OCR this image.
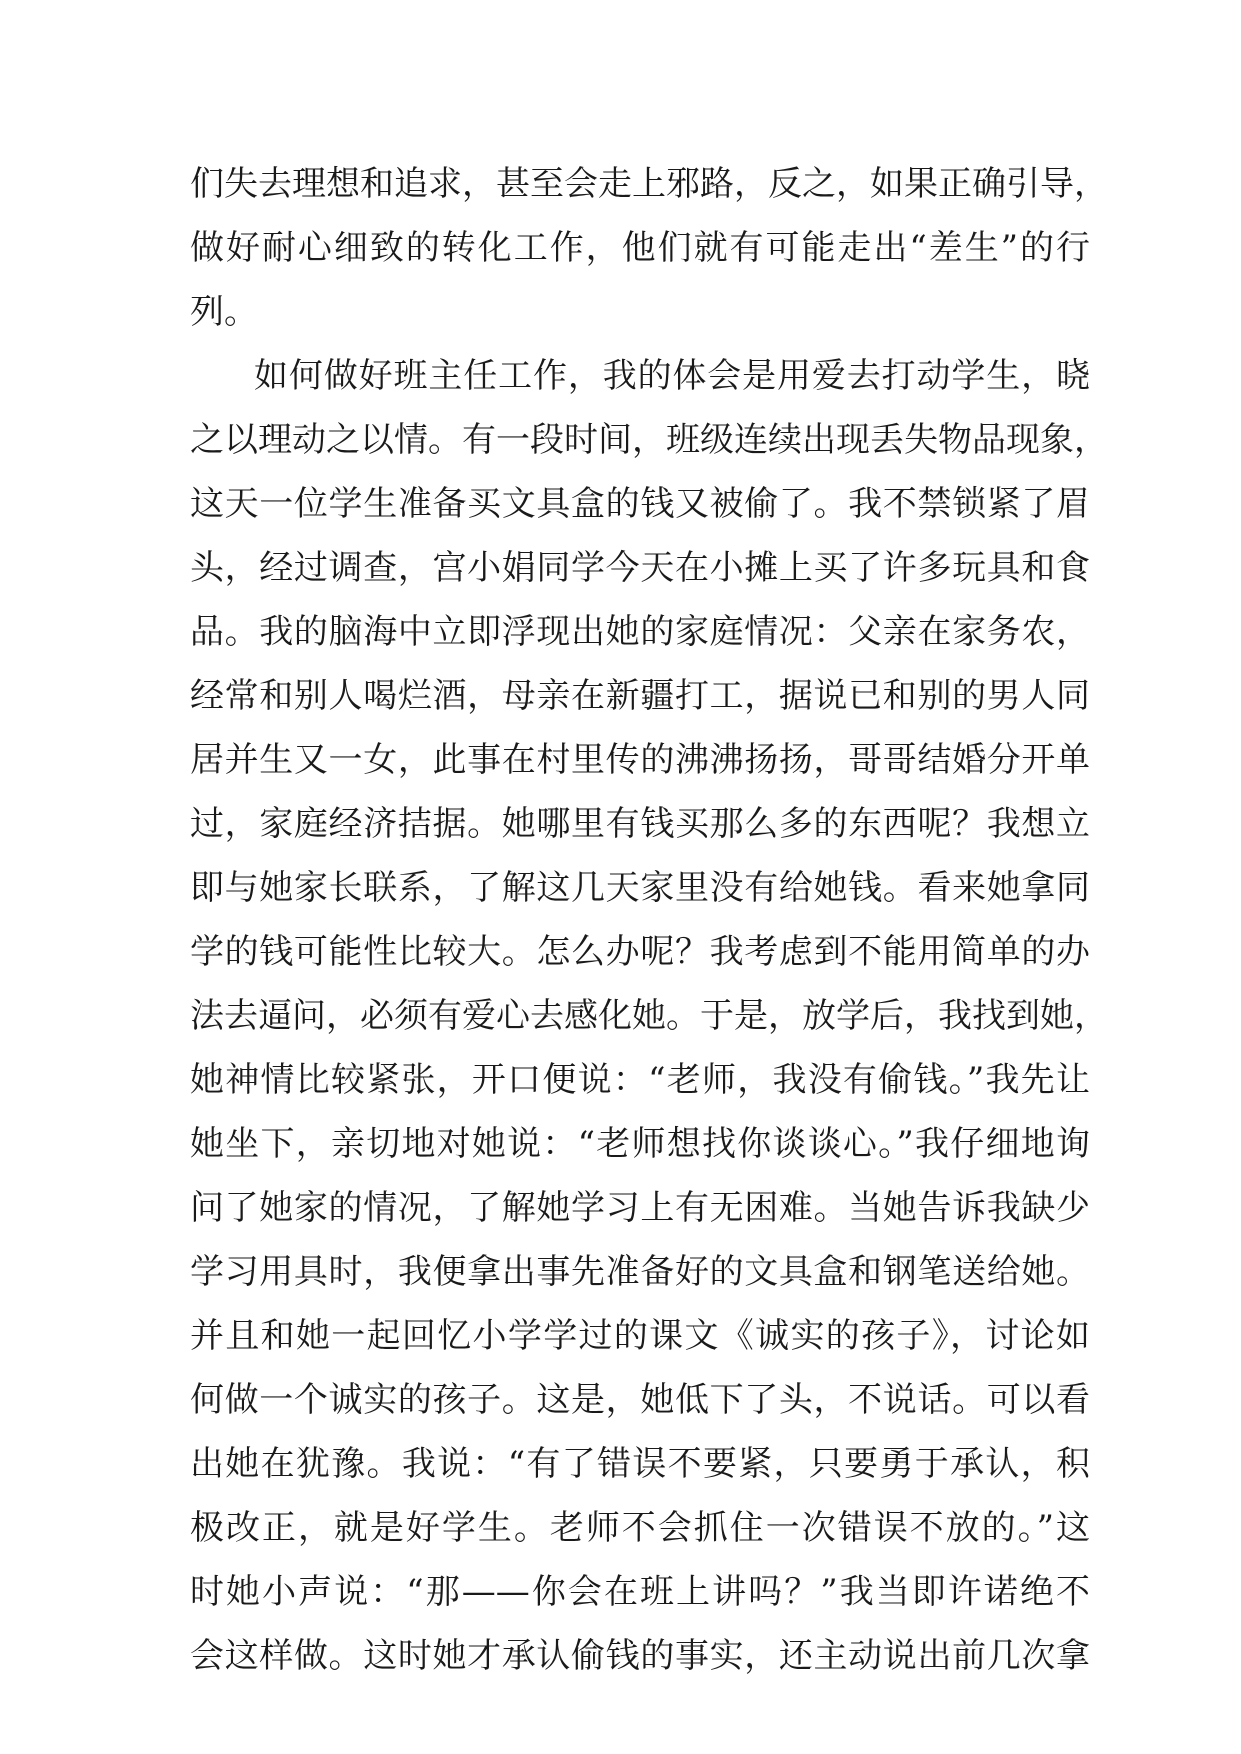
们失去理想和追求，甚至会走上邪路，反之，如果正确引导，
做好耐心细致的转化工作，他们就有可能走出“差生”的行
列。
如何做好班主任工作，我的体会是用爱去打动学生，晓
之以理动之以情。有一段时间，班级连续出现丢失物品现象，
这天一位学生准备买文具盒的钱又被偷了。我不禁锁紧了眉
头，经过调查，宫小娟同学今天在小摊上买了许多玩具和食
品。我的脑海中立即浮现出她的家庭情况：父亲在家务农，
经常和别人喝烂酒，母亲在新疆打工，据说已和别的男人同
居并生又一女，此事在村里传的沸沸扬扬，哥哥结婚分开单
过，家庭经济拮据。她哪里有钱买那么多的东西呢？我想立
即与她家长联系，了解这几天家里没有给她钱。看来她拿同
学的钱可能性比较大。怎么办呢？我考虑到不能用简单的办
法去逼问，必须有爱心去感化她。于是，放学后，我找到她，
她神情比较紧张，开口便说：“老师，我没有偷钱。”我先让
她坐下，亲切地对她说：“老师想找你谈谈心。”我仔细地询
问了她家的情况，了解她学习上有无困难。当她告诉我缺少
学习用具时，我便拿出事先准备好的文具盒和钢笔送给她。
并且和她一起回忆小学学过的课文《诚实的孩子》，讨论如
何做一个诚实的孩子。这是，她低下了头，不说话。可以看
出她在犹豫。我说：“有了错误不要紧，只要勇于承认，积
极改正，就是好学生。老师不会抓住一次错误不放的。”这
时她小声说：“那——你会在班上讲吗？”我当即许诺绝不
会这样做。这时她才承认偷钱的事实，还主动说出前几次拿
